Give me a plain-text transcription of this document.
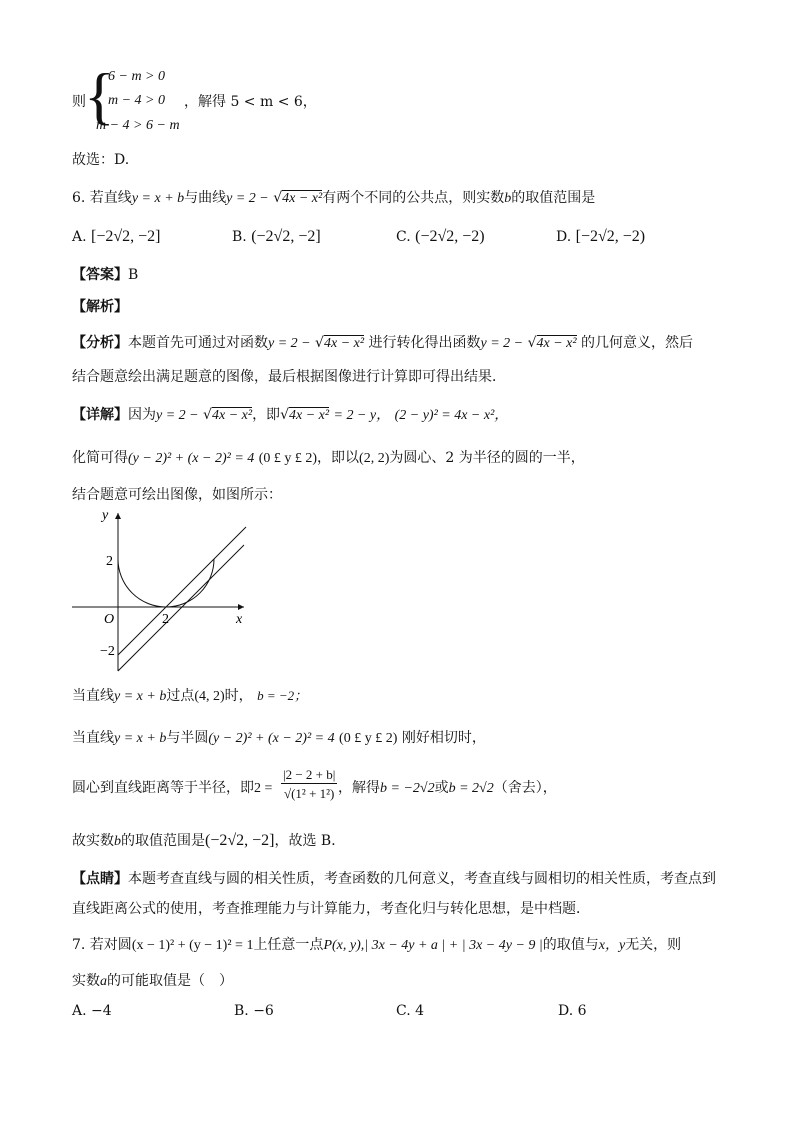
则
{
6 − m > 0
m − 4 > 0
m − 4 > 6 − m
，解得 5 < m < 6，
故选：D.
6. 若直线y = x + b与曲线y = 2 − √4x − x²有两个不同的公共点，则实数b的取值范围是
A. [−2√2, −2]	B. (−2√2, −2]	C. (−2√2, −2)	D. [−2√2, −2)
【答案】B
【解析】
【分析】本题首先可通过对函数y = 2 − √4x − x² 进行转化得出函数y = 2 − √4x − x² 的几何意义，然后
结合题意绘出满足题意的图像，最后根据图像进行计算即可得出结果．
【详解】因为y = 2 − √4x − x²，即√4x − x² = 2 − y， (2 − y)² = 4x − x²，
化简可得(y − 2)² + (x − 2)² = 4 (0 £ y £ 2)，即以(2, 2)为圆心、2 为半径的圆的一半，
结合题意可绘出图像，如图所示：
y
x
O	2
2
−2
当直线y = x + b过点(4, 2)时， b = −2；
当直线y = x + b与半圆(y − 2)² + (x − 2)² = 4 (0 £ y £ 2) 刚好相切时，
圆心到直线距离等于半径，即$2 = \frac{|2 - 2 + b|}{\text{√(1² + 1²)}}$ ，解得b = −2√2或b = 2√2（舍去），
故实数b的取值范围是(−2√2, −2]，故选 B．
【点睛】本题考查直线与圆的相关性质，考查函数的几何意义，考查直线与圆相切的相关性质，考查点到
直线距离公式的使用，考查推理能力与计算能力，考查化归与转化思想，是中档题．
7. 若对圆(x − 1)² + (y − 1)² = 1上任意一点P(x, y),| 3x − 4y + a | + | 3x − 4y − 9 |的取值与x，y无关，则
实数a的可能取值是（　）
A. −4	B. −6	C. 4	D. 6
